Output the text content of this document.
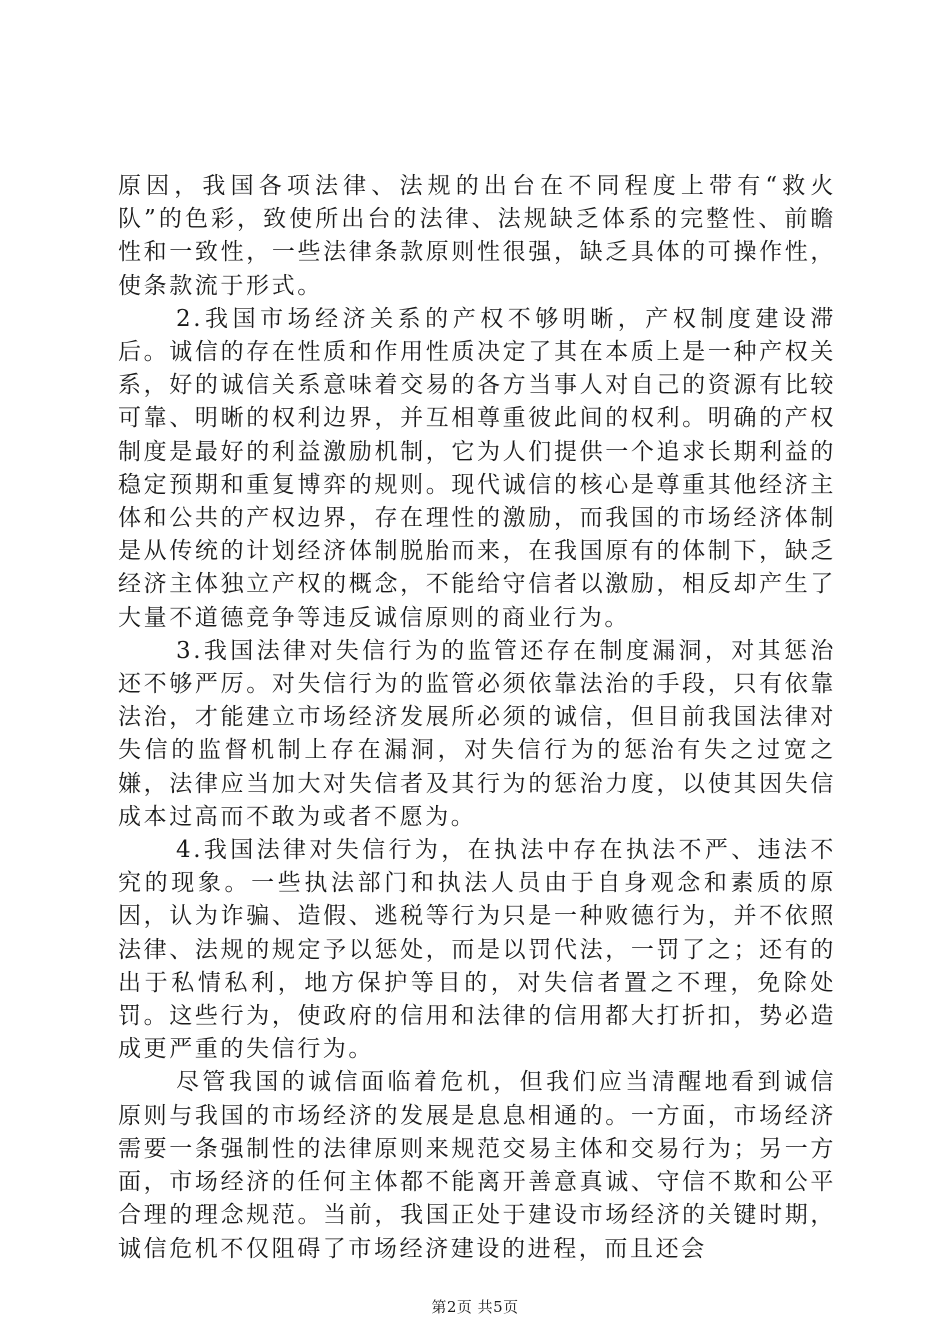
原因，我国各项法律、法规的出台在不同程度上带有“救火队”的色彩，致使所出台的法律、法规缺乏体系的完整性、前瞻性和一致性，一些法律条款原则性很强，缺乏具体的可操作性，使条款流于形式。

2.我国市场经济关系的产权不够明晰，产权制度建设滞后。诚信的存在性质和作用性质决定了其在本质上是一种产权关系，好的诚信关系意味着交易的各方当事人对自己的资源有比较可靠、明晰的权利边界，并互相尊重彼此间的权利。明确的产权制度是最好的利益激励机制，它为人们提供一个追求长期利益的稳定预期和重复博弈的规则。现代诚信的核心是尊重其他经济主体和公共的产权边界，存在理性的激励，而我国的市场经济体制是从传统的计划经济体制脱胎而来，在我国原有的体制下，缺乏经济主体独立产权的概念，不能给守信者以激励，相反却产生了大量不道德竞争等违反诚信原则的商业行为。

3.我国法律对失信行为的监管还存在制度漏洞，对其惩治还不够严厉。对失信行为的监管必须依靠法治的手段，只有依靠法治，才能建立市场经济发展所必须的诚信，但目前我国法律对失信的监督机制上存在漏洞，对失信行为的惩治有失之过宽之嫌，法律应当加大对失信者及其行为的惩治力度，以使其因失信成本过高而不敢为或者不愿为。

4.我国法律对失信行为，在执法中存在执法不严、违法不究的现象。一些执法部门和执法人员由于自身观念和素质的原因，认为诈骗、造假、逃税等行为只是一种败德行为，并不依照法律、法规的规定予以惩处，而是以罚代法，一罚了之；还有的出于私情私利，地方保护等目的，对失信者置之不理，免除处罚。这些行为，使政府的信用和法律的信用都大打折扣，势必造成更严重的失信行为。

尽管我国的诚信面临着危机，但我们应当清醒地看到诚信原则与我国的市场经济的发展是息息相通的。一方面，市场经济需要一条强制性的法律原则来规范交易主体和交易行为；另一方面，市场经济的任何主体都不能离开善意真诚、守信不欺和公平合理的理念规范。当前，我国正处于建设市场经济的关键时期，诚信危机不仅阻碍了市场经济建设的进程，而且还会

第2页 共5页
